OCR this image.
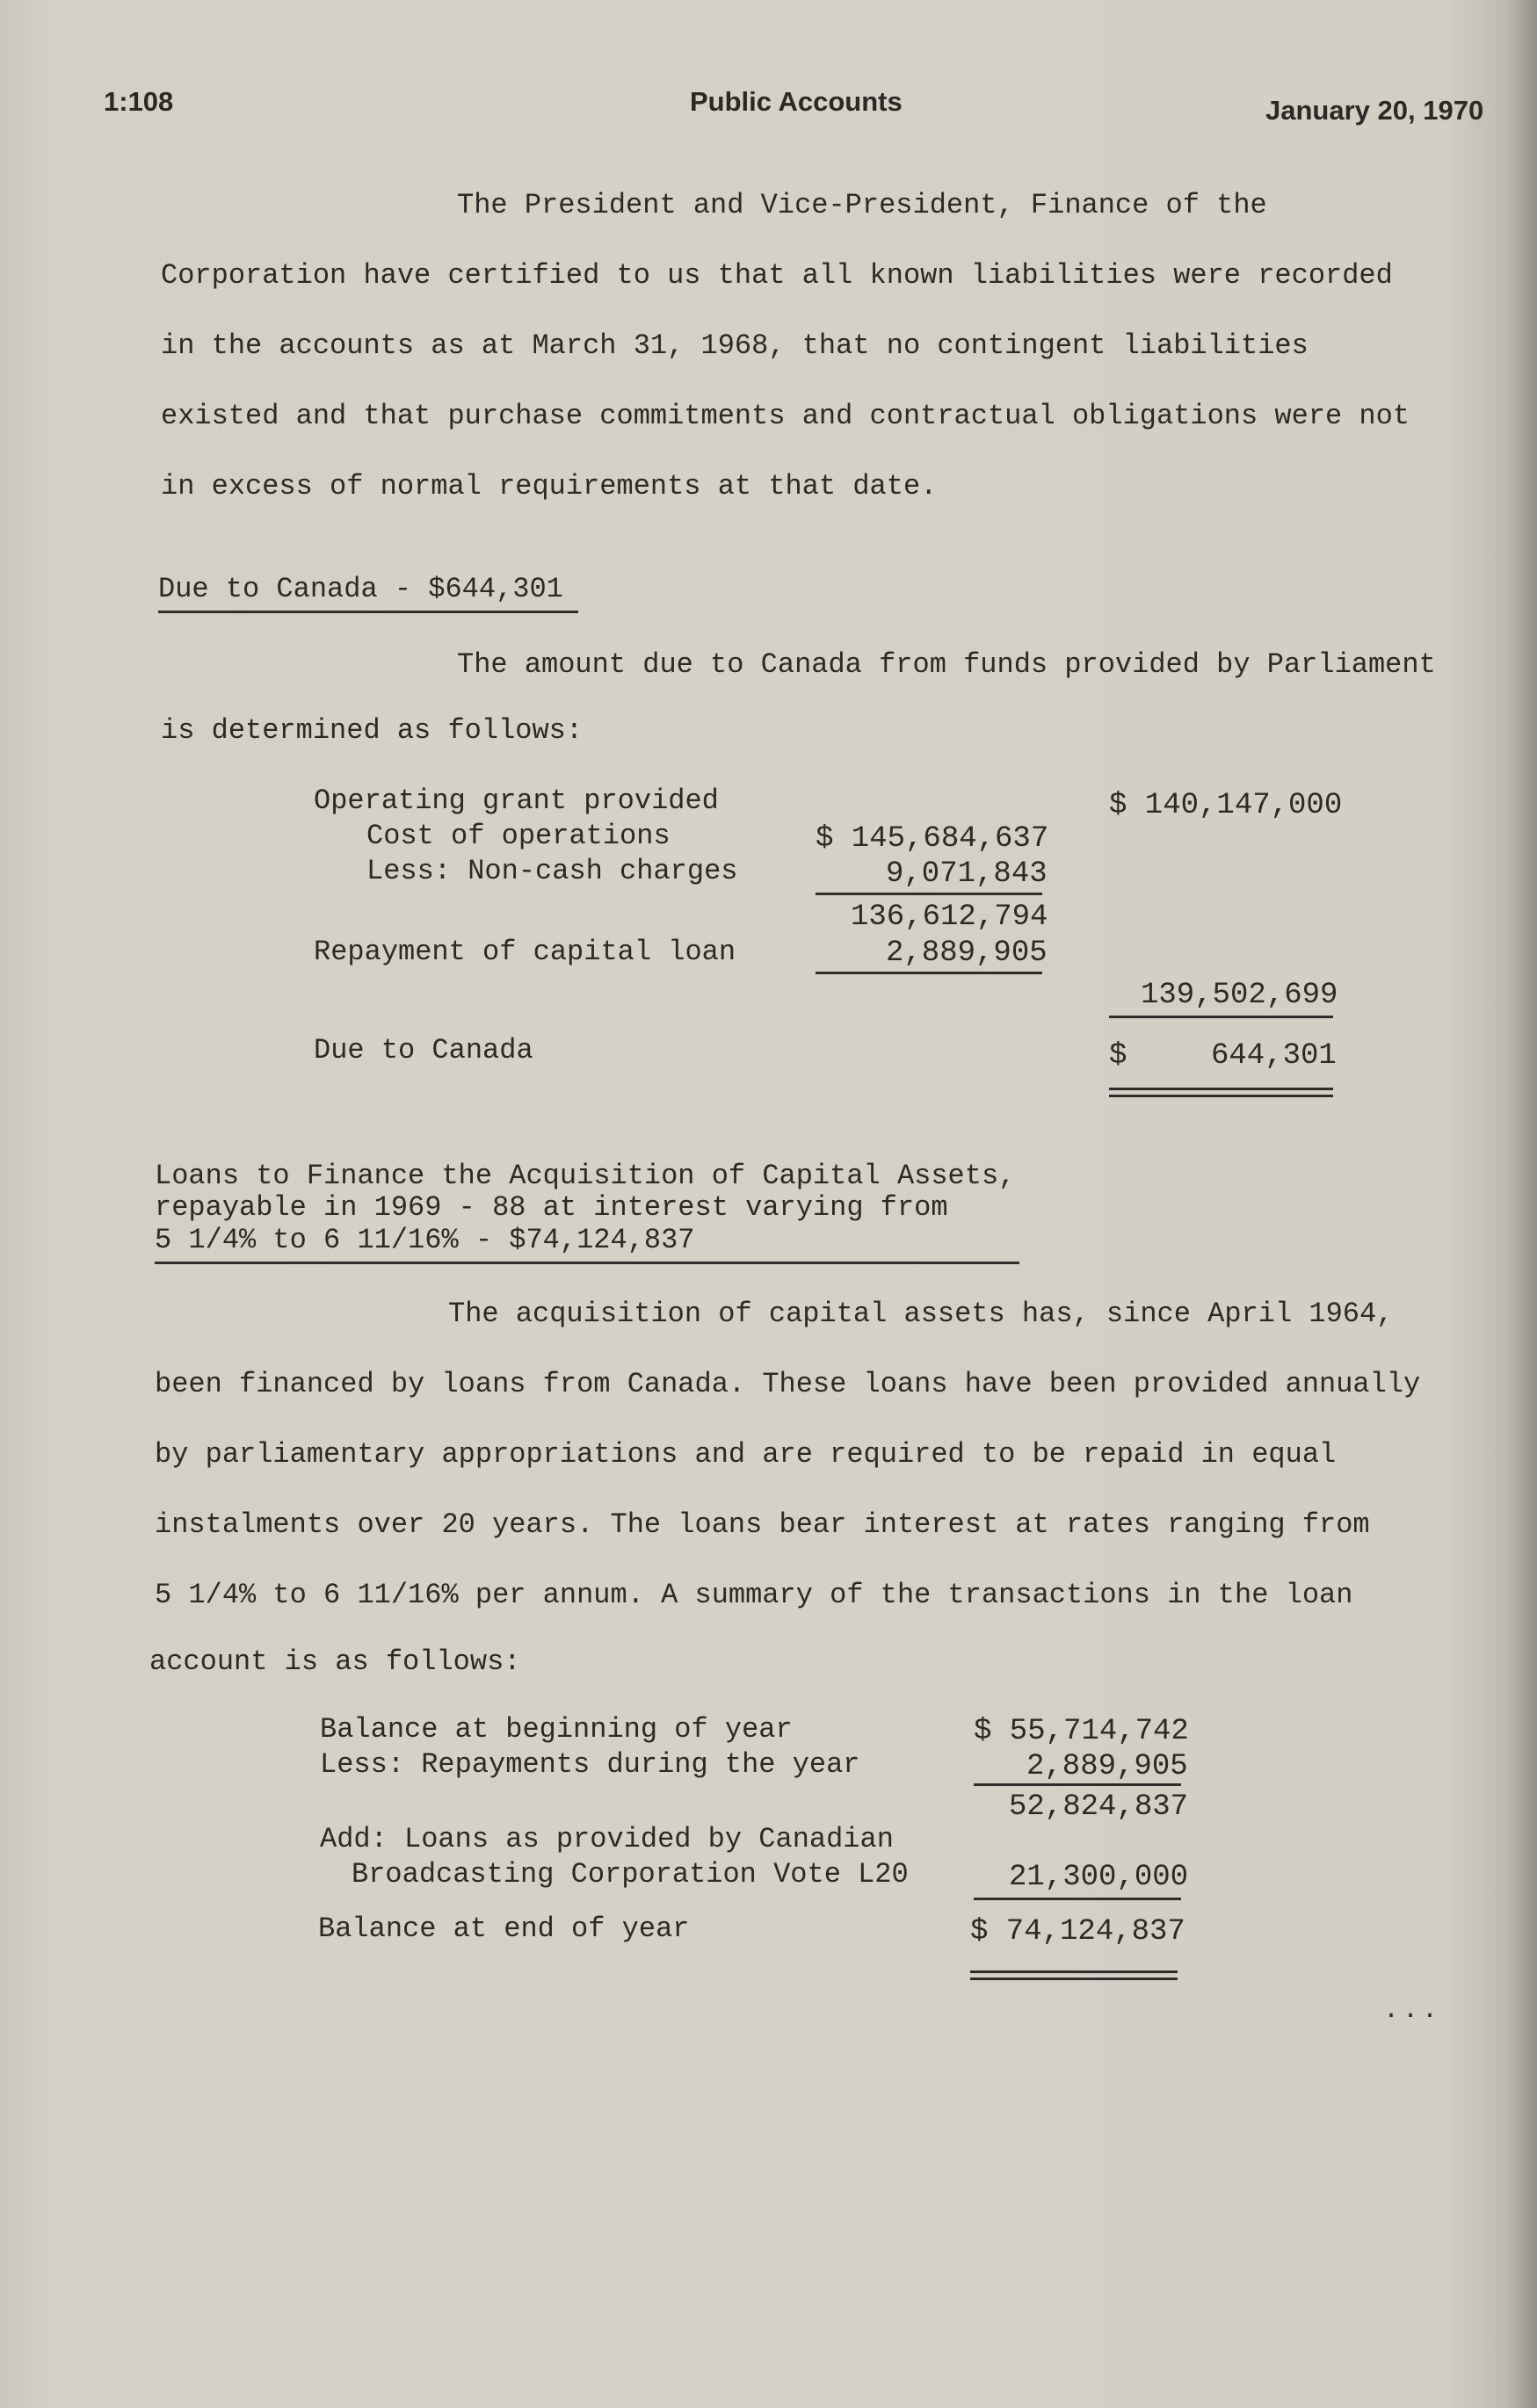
1:108	Public Accounts	January 20, 1970
The President and Vice-President, Finance of the
Corporation have certified to us that all known liabilities were recorded
in the accounts as at March 31, 1968, that no contingent liabilities
existed and that purchase commitments and contractual obligations were not
in excess of normal requirements at that date.
Due to Canada - $644,301
The amount due to Canada from funds provided by Parliament
is determined as follows:
Operating grant provided	$ 140,147,000
Cost of operations	$ 145,684,637
Less: Non-cash charges	9,071,843
136,612,794
Repayment of capital loan	2,889,905
139,502,699
Due to Canada	$	644,301
Loans to Finance the Acquisition of Capital Assets,
repayable in 1969 - 88 at interest varying from
5 1/4% to 6 11/16% - $74,124,837
The acquisition of capital assets has, since April 1964,
been financed by loans from Canada. These loans have been provided annually
by parliamentary appropriations and are required to be repaid in equal
instalments over 20 years. The loans bear interest at rates ranging from
5 1/4% to 6 11/16% per annum. A summary of the transactions in the loan
account is as follows:
Balance at beginning of year	$ 55,714,742
Less: Repayments during the year	2,889,905
52,824,837
Add: Loans as provided by Canadian
Broadcasting Corporation Vote L20	21,300,000
Balance at end of year	$ 74,124,837
...
